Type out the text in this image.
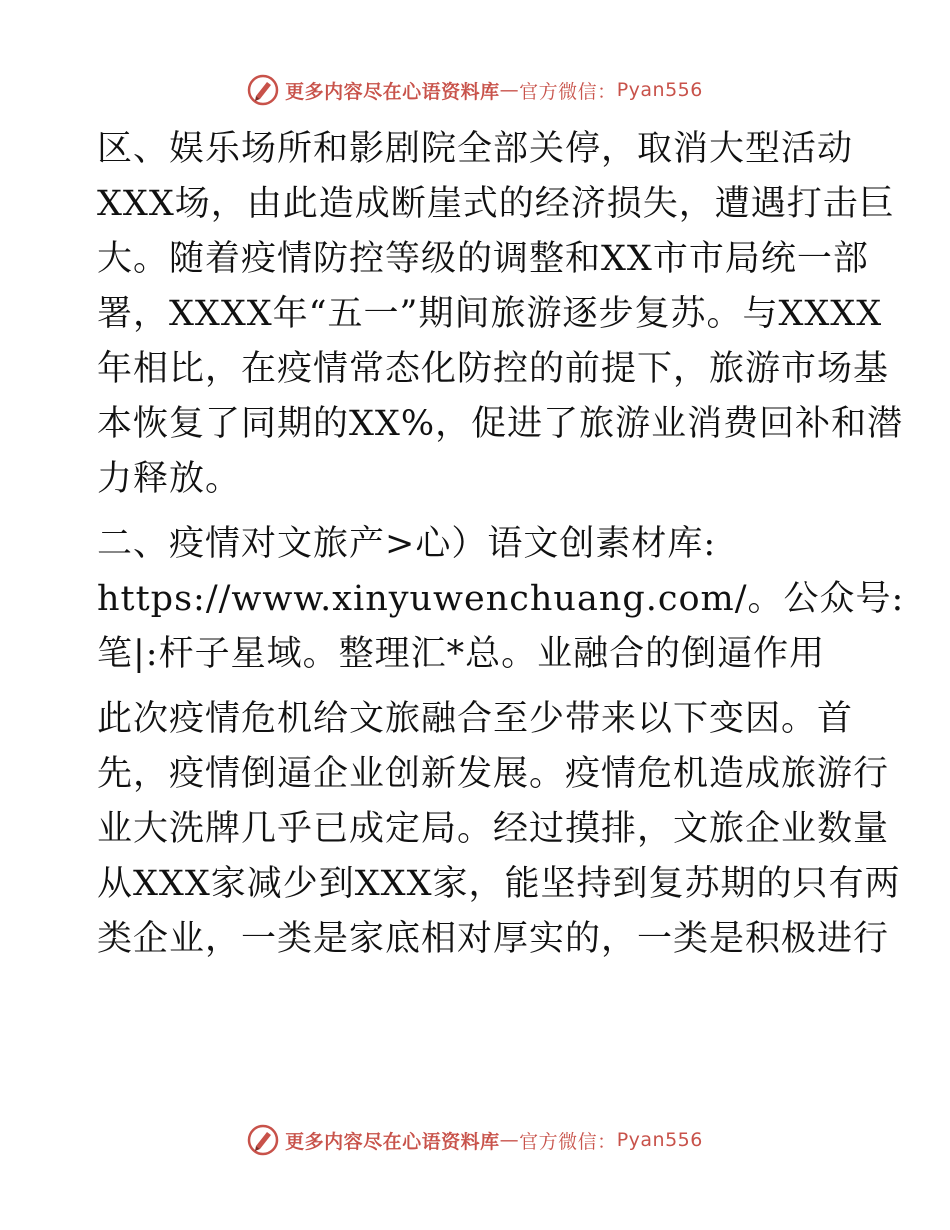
更多内容尽在心语资料库 — 官方微信： Pyan556
区、娱乐场所和影剧院全部关停，取消大型活动
XXX场，由此造成断崖式的经济损失，遭遇打击巨
大。随着疫情防控等级的调整和XX市市局统一部
署，XXXX年“五一”期间旅游逐步复苏。与XXXX
年相比，在疫情常态化防控的前提下，旅游市场基
本恢复了同期的XX%，促进了旅游业消费回补和潜
力释放。
二、疫情对文旅产>心）语文创素材库:
https://www.xinyuwenchuang.com/。公众号:
笔|:杆子星域。整理汇*总。业融合的倒逼作用
此次疫情危机给文旅融合至少带来以下变因。首
先，疫情倒逼企业创新发展。疫情危机造成旅游行
业大洗牌几乎已成定局。经过摸排，文旅企业数量
从XXX家减少到XXX家，能坚持到复苏期的只有两
类企业，一类是家底相对厚实的，一类是积极进行
更多内容尽在心语资料库 — 官方微信： Pyan556
